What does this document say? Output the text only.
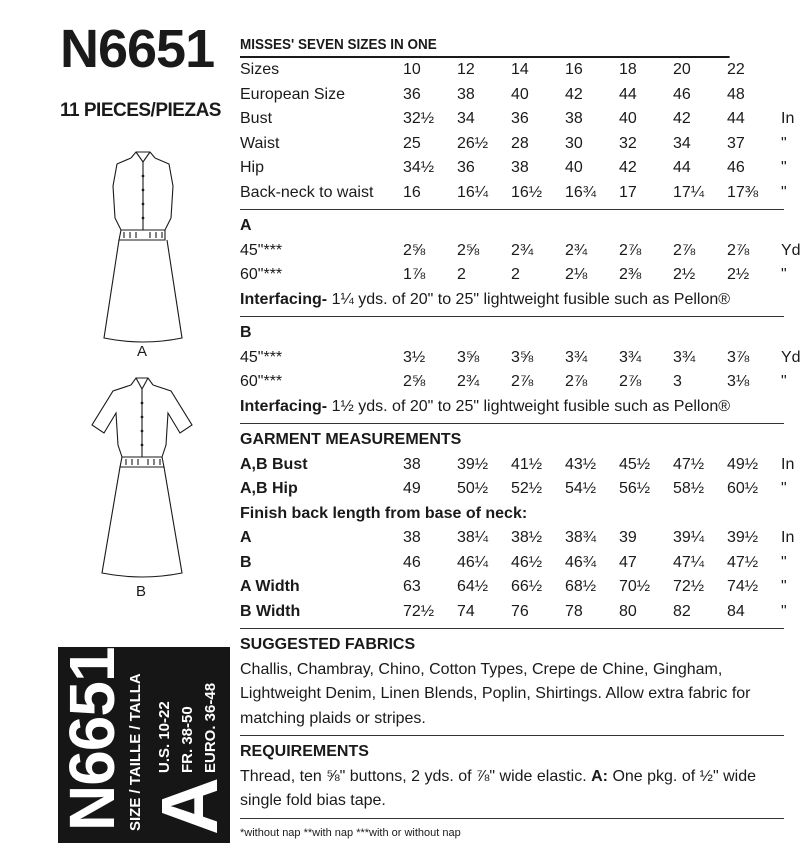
N6651
11 PIECES/PIEZAS
A
B
N6651 SIZE / TAILLE / TALLA A
U.S. 10-22 FR. 38-50 EURO. 36-48
MISSES' SEVEN SIZES IN ONE
Sizes	10	12	14	16	18	20	22	
European Size	36	38	40	42	44	46	48	
Bust	32½	34	36	38	40	42	44	In
Waist	25	26½	28	30	32	34	37	"
Hip	34½	36	38	40	42	44	46	"
Back-neck to waist	16	16¼	16½	16¾	17	17¼	17⅜	"
A								
45"***	2⅝	2⅝	2¾	2¾	2⅞	2⅞	2⅞	Yd
60"***	1⅞	2	2	2⅛	2⅜	2½	2½	"
Interfacing- 1¼ yds. of 20" to 25" lightweight fusible such as Pellon®
B								
45"***	3½	3⅝	3⅝	3¾	3¾	3¾	3⅞	Yd
60"***	2⅝	2¾	2⅞	2⅞	2⅞	3	3⅛	"
Interfacing- 1½ yds. of 20" to 25" lightweight fusible such as Pellon®
GARMENT MEASUREMENTS
A,B Bust	38	39½	41½	43½	45½	47½	49½	In
A,B Hip	49	50½	52½	54½	56½	58½	60½	"
Finish back length from base of neck:
A	38	38¼	38½	38¾	39	39¼	39½	In
B	46	46¼	46½	46¾	47	47¼	47½	"
A Width	63	64½	66½	68½	70½	72½	74½	"
B Width	72½	74	76	78	80	82	84	"
SUGGESTED FABRICS
Challis, Chambray, Chino, Cotton Types, Crepe de Chine, Gingham, Lightweight Denim, Linen Blends, Poplin, Shirtings. Allow extra fabric for matching plaids or stripes.
REQUIREMENTS
Thread, ten ⅝" buttons, 2 yds. of ⅞" wide elastic. A: One pkg. of ½" wide single fold bias tape.
*without nap **with nap ***with or without nap
